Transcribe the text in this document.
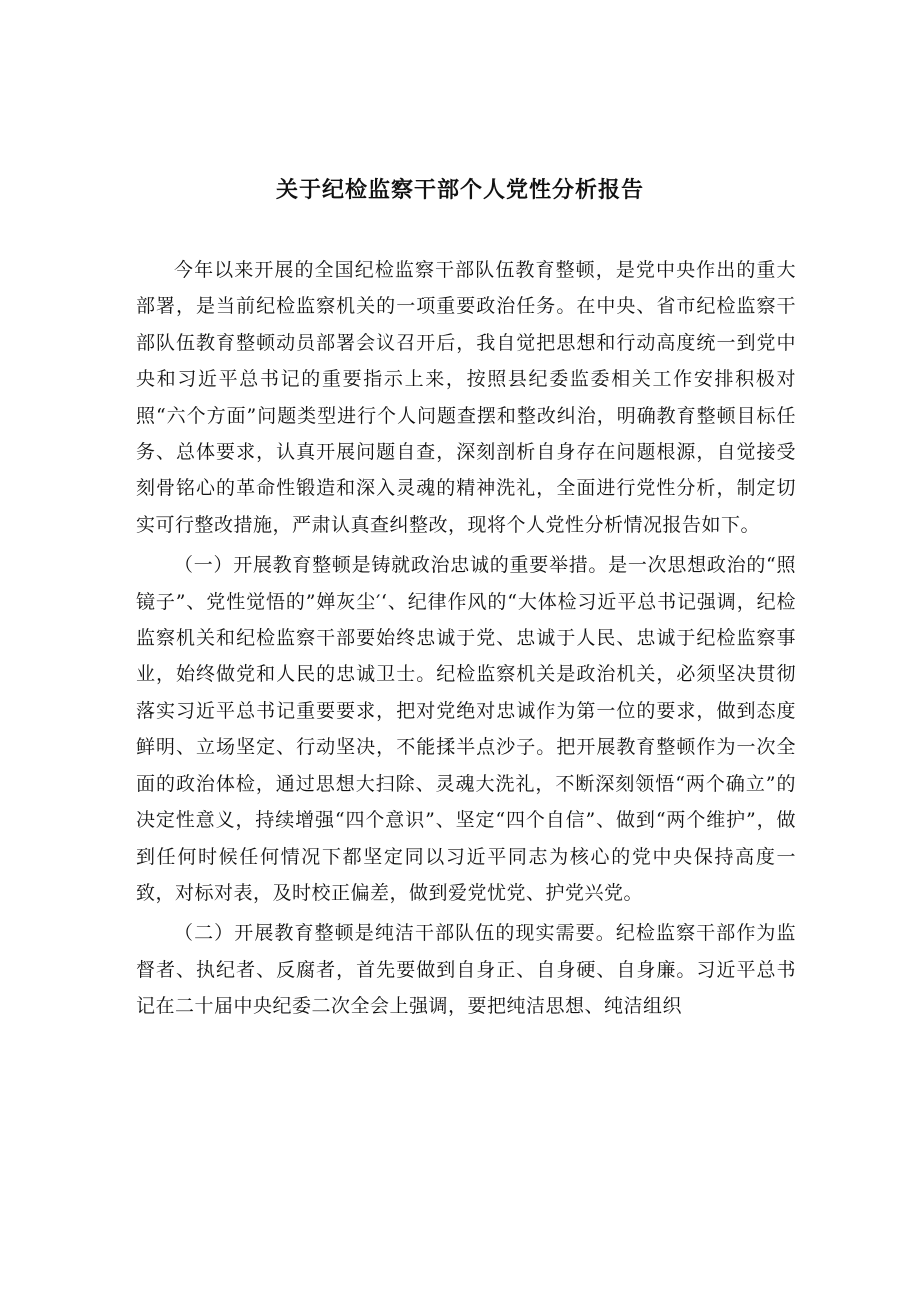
关于纪检监察干部个人党性分析报告

今年以来开展的全国纪检监察干部队伍教育整顿，是党中央作出的重大部署，是当前纪检监察机关的一项重要政治任务。在中央、省市纪检监察干部队伍教育整顿动员部署会议召开后，我自觉把思想和行动高度统一到党中央和习近平总书记的重要指示上来，按照县纪委监委相关工作安排积极对照“六个方面”问题类型进行个人问题查摆和整改纠治，明确教育整顿目标任务、总体要求，认真开展问题自查，深刻剖析自身存在问题根源，自觉接受刻骨铭心的革命性锻造和深入灵魂的精神洗礼，全面进行党性分析，制定切实可行整改措施，严肃认真查纠整改，现将个人党性分析情况报告如下。

（一）开展教育整顿是铸就政治忠诚的重要举措。是一次思想政治的“照镜子”、党性觉悟的”婵灰尘′‘、纪律作风的“大体检习近平总书记强调，纪检监察机关和纪检监察干部要始终忠诚于党、忠诚于人民、忠诚于纪检监察事业，始终做党和人民的忠诚卫士。纪检监察机关是政治机关，必须坚决贯彻落实习近平总书记重要要求，把对党绝对忠诚作为第一位的要求，做到态度鲜明、立场坚定、行动坚决，不能揉半点沙子。把开展教育整顿作为一次全面的政治体检，通过思想大扫除、灵魂大洗礼，不断深刻领悟“两个确立”的决定性意义，持续增强“四个意识”、坚定“四个自信”、做到“两个维护”，做到任何时候任何情况下都坚定同以习近平同志为核心的党中央保持高度一致，对标对表，及时校正偏差，做到爱党忧党、护党兴党。

（二）开展教育整顿是纯洁干部队伍的现实需要。纪检监察干部作为监督者、执纪者、反腐者，首先要做到自身正、自身硬、自身廉。习近平总书记在二十届中央纪委二次全会上强调，要把纯洁思想、纯洁组织
